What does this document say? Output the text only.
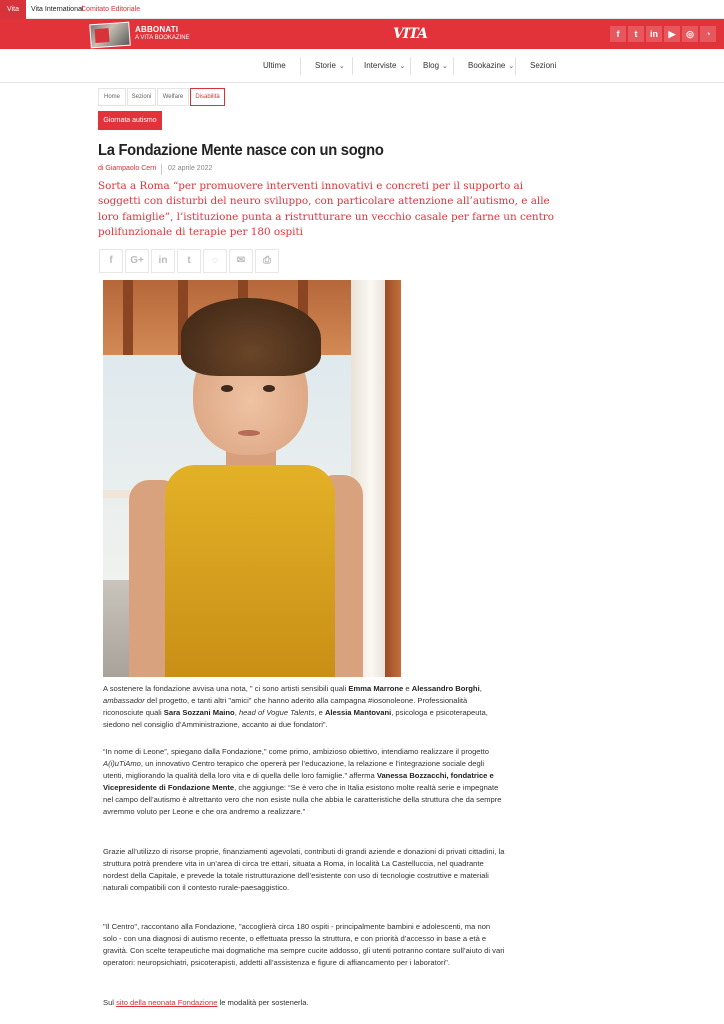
Vita	Vita International
Comitato Editoriale
ABBONATI
A VITA BOOKAZINE	VITA	f	t	in	▶	◎	◔
Ultime	Storie ⌄ Interviste ⌄ Blog ⌄	Bookazine ⌄ Sezioni
Home	Sezioni	Welfare	Disabilità
Giornata autismo
La Fondazione Mente nasce con un sogno
di Giampaolo Cerri 02 aprile 2022

Sorta a Roma “per promuovere interventi innovativi e concreti per il supporto ai soggetti con disturbi del neuro sviluppo, con particolare attenzione all’autismo, e alle loro famiglie”, l’istituzione punta a ristrutturare un vecchio casale per farne un centro polifunzionale di terapie per 180 ospiti

f	G+	in	t	◌	✉	⎙

A sostenere la fondazione avvisa una nota, " ci sono artisti sensibili quali Emma Marrone e Alessandro Borghi, ambassador del progetto, e tanti altri "amici" che hanno aderito alla campagna #iosonoleone. Professionalità riconosciute quali Sara Sozzani Maino, head of Vogue Talents, e Alessia Mantovani, psicologa e psicoterapeuta, siedono nel consiglio d’Amministrazione, accanto ai due fondatori".

“In nome di Leone”, spiegano dalla Fondazione," come primo, ambizioso obiettivo, intendiamo realizzare il progetto A(i)uTiAmo, un innovativo Centro terapico che opererà per l’educazione, la relazione e l’integrazione sociale degli utenti, migliorando la qualità della loro vita e di quella delle loro famiglie.” afferma Vanessa Bozzacchi, fondatrice e Vicepresidente di Fondazione Mente, che aggiunge: “Se è vero che in Italia esistono molte realtà serie e impegnate nel campo dell’autismo è altrettanto vero che non esiste nulla che abbia le caratteristiche della struttura che da sempre avremmo voluto per Leone e che ora andremo a realizzare.”

Grazie all’utilizzo di risorse proprie, finanziamenti agevolati, contributi di grandi aziende e donazioni di privati cittadini, la struttura potrà prendere vita in un’area di circa tre ettari, situata a Roma, in località La Castelluccia, nel quadrante nordest della Capitale, e prevede la totale ristrutturazione dell’esistente con uso di tecnologie costruttive e materiali naturali compatibili con il contesto rurale-paesaggistico.

"Il Centro", raccontano alla Fondazione, "accoglierà circa 180 ospiti - principalmente bambini e adolescenti, ma non solo - con una diagnosi di autismo recente, o effettuata presso la struttura, e con priorità d’accesso in base a età e gravità. Con scelte terapeutiche mai dogmatiche ma sempre cucite addosso, gli utenti potranno contare sull’aiuto di vari operatori: neuropsichiatri, psicoterapisti, addetti all’assistenza e figure di affiancamento per i laboratori".

Sul sito della neonata Fondazione le modalità per sostenerla.
